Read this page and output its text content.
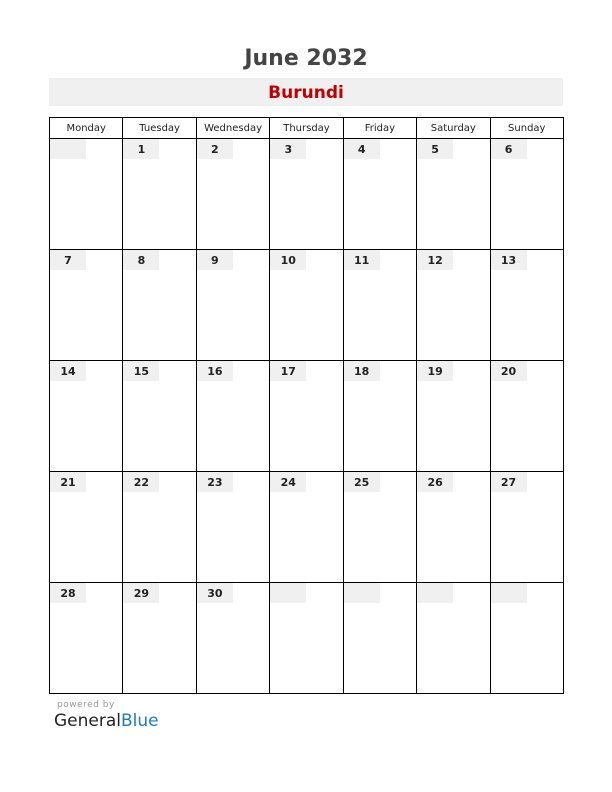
June 2032
Burundi
Monday	Tuesday	Wednesday	Thursday	Friday	Saturday	Sunday

	1	2	3	4	5	6

7	8	9	10	11	12	13

14	15	16	17	18	19	20

21	22	23	24	25	26	27

28	29	30				

powered by
GeneralBlue
